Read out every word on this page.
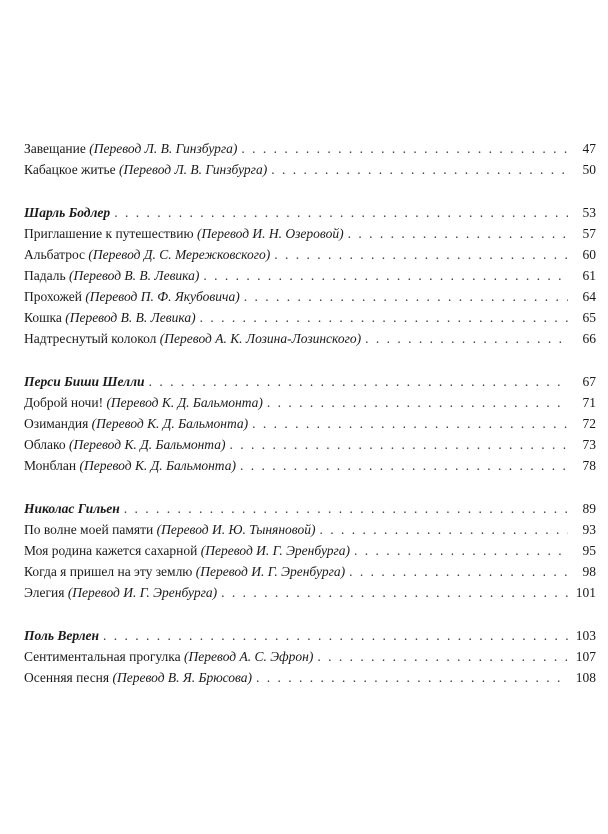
Завещание (Перевод Л. В. Гинзбурга) . . .	47
Кабацкое житье (Перевод Л. В. Гинзбурга) . . .	50
Шарль Бодлер . . .	53
Приглашение к путешествию (Перевод И. Н. Озеровой) . . .	57
Альбатрос (Перевод Д. С. Мережковского) . . .	60
Падаль (Перевод В. В. Левика) . . .	61
Прохожей (Перевод П. Ф. Якубовича) . . .	64
Кошка (Перевод В. В. Левика) . . .	65
Надтреснутый колокол (Перевод А. К. Лозина-Лозинского) . . .	66
Перси Биши Шелли . . .	67
Доброй ночи! (Перевод К. Д. Бальмонта) . . .	71
Озимандия (Перевод К. Д. Бальмонта) . . .	72
Облако (Перевод К. Д. Бальмонта) . . .	73
Монблан (Перевод К. Д. Бальмонта) . . .	78
Николас Гильен . . .	89
По волне моей памяти (Перевод И. Ю. Тыняновой) . . .	93
Моя родина кажется сахарной (Перевод И. Г. Эренбурга) . . .	95
Когда я пришел на эту землю (Перевод И. Г. Эренбурга) . . .	98
Элегия (Перевод И. Г. Эренбурга) . . .	101
Поль Верлен . . .	103
Сентиментальная прогулка (Перевод А. С. Эфрон) . . .	107
Осенняя песня (Перевод В. Я. Брюсова) . . .	108
